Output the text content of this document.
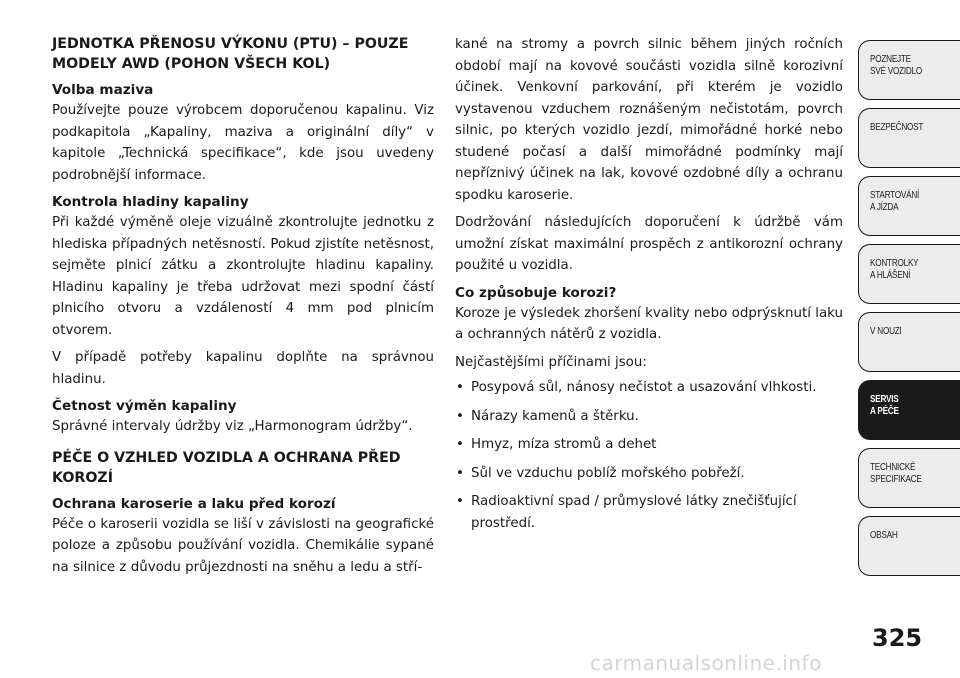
JEDNOTKA PŘENOSU VÝKONU (PTU) – POUZE MODELY AWD (POHON VŠECH KOL)
Volba maziva

Používejte pouze výrobcem doporučenou kapalinu. Viz podkapitola „Kapaliny, maziva a originální díly“ v kapitole „Technická specifikace“, kde jsou uvedeny podrobnější informace.

Kontrola hladiny kapaliny

Při každé výměně oleje vizuálně zkontrolujte jednotku z hlediska případných netěsností. Pokud zjistíte netěsnost, sejměte plnicí zátku a zkontrolujte hladinu kapaliny. Hladinu kapaliny je třeba udržovat mezi spodní částí plnicího otvoru a vzdáleností 4 mm pod plnicím otvorem.

V případě potřeby kapalinu doplňte na správnou hladinu.

Četnost výměn kapaliny

Správné intervaly údržby viz „Harmonogram údržby“.

PÉČE O VZHLED VOZIDLA A OCHRANA PŘED KOROZÍ
Ochrana karoserie a laku před korozí

Péče o karoserii vozidla se liší v závislosti na geografické poloze a způsobu používání vozidla. Chemikálie sypané na silnice z důvodu průjezdnosti na sněhu a ledu a stří-

kané na stromy a povrch silnic během jiných ročních období mají na kovové součásti vozidla silně korozivní účinek. Venkovní parkování, při kterém je vozidlo vystavenou vzduchem roznášeným nečistotám, povrch silnic, po kterých vozidlo jezdí, mimořádné horké nebo studené počasí a další mimořádné podmínky mají nepříznivý účinek na lak, kovové ozdobné díly a ochranu spodku karoserie.

Dodržování následujících doporučení k údržbě vám umožní získat maximální prospěch z antikorozní ochrany použité u vozidla.

Co způsobuje korozi?

Koroze je výsledek zhoršení kvality nebo odprýsknutí laku a ochranných nátěrů z vozidla.

Nejčastějšími příčinami jsou:

• Posypová sůl, nánosy nečistot a usazování vlhkosti.
• Nárazy kamenů a štěrku.
• Hmyz, míza stromů a dehet
• Sůl ve vzduchu poblíž mořského pobřeží.
• Radioaktivní spad / průmyslové látky znečišťující prostředí.
POZNEJTE
SVÉ VOZIDLO
BEZPEČNOST
STARTOVÁNÍ
A JÍZDA
KONTROLKY
A HLÁŠENÍ
V NOUZI
SERVIS
A PÉČE
TECHNICKÉ
SPECIFIKACE
OBSAH
325
carmanualsonline.info
